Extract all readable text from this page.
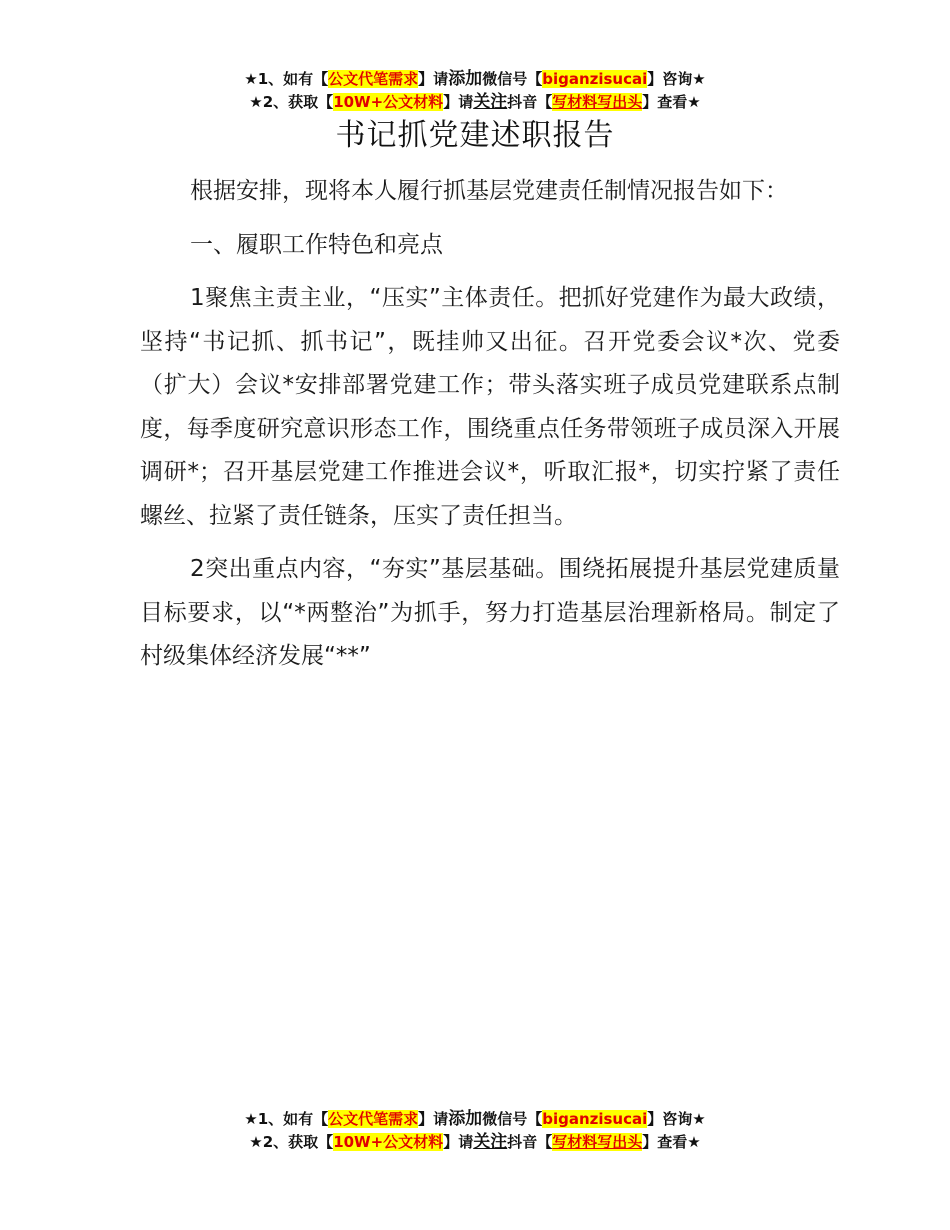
★1、如有【公文代笔需求】请添加微信号【biganzisucai】咨询★
★2、获取【10W+公文材料】请关注抖音【写材料写出头】查看★
书记抓党建述职报告

根据安排，现将本人履行抓基层党建责任制情况报告如下：

一、履职工作特色和亮点

1聚焦主责主业，“压实”主体责任。把抓好党建作为最大政绩，坚持“书记抓、抓书记”，既挂帅又出征。召开党委会议*次、党委（扩大）会议*安排部署党建工作；带头落实班子成员党建联系点制度，每季度研究意识形态工作，围绕重点任务带领班子成员深入开展调研*；召开基层党建工作推进会议*，听取汇报*，切实拧紧了责任螺丝、拉紧了责任链条，压实了责任担当。

2突出重点内容，“夯实”基层基础。围绕拓展提升基层党建质量目标要求，以“*两整治”为抓手，努力打造基层治理新格局。制定了村级集体经济发展“**”

★1、如有【公文代笔需求】请添加微信号【biganzisucai】咨询★
★2、获取【10W+公文材料】请关注抖音【写材料写出头】查看★
